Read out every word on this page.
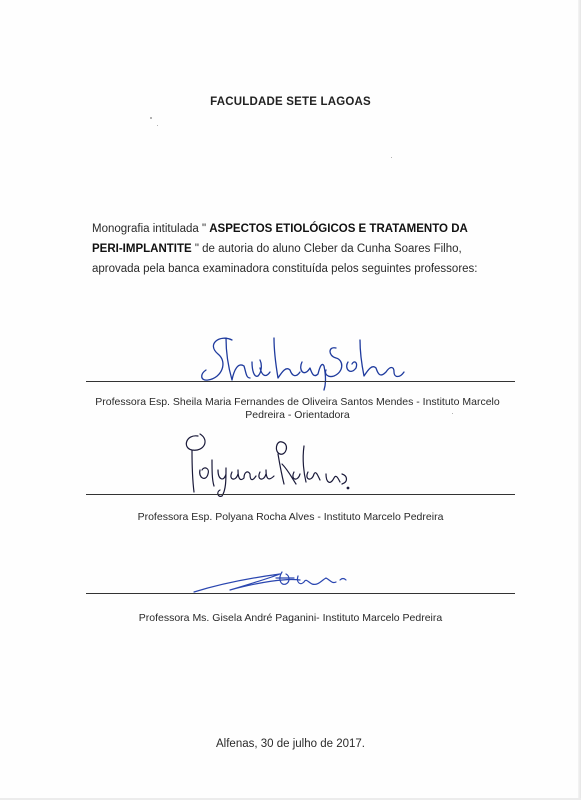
FACULDADE SETE LAGOAS
Monografia intitulada " ASPECTOS ETIOLÓGICOS E TRATAMENTO DA PERI-IMPLANTITE " de autoria do aluno Cleber da Cunha Soares Filho, aprovada pela banca examinadora constituída pelos seguintes professores:
Professora Esp. Sheila Maria Fernandes de Oliveira Santos Mendes - Instituto Marcelo Pedreira - Orientadora
Professora Esp. Polyana Rocha Alves - Instituto Marcelo Pedreira
Professora Ms. Gisela André Paganini- Instituto Marcelo Pedreira
Alfenas, 30 de julho de 2017.
